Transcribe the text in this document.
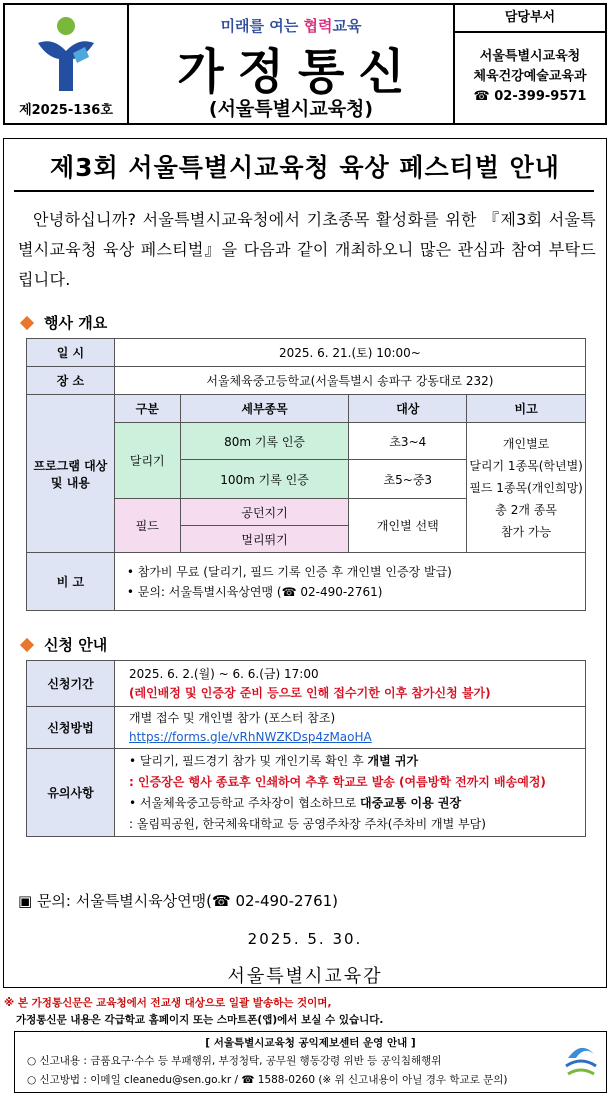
제2025-136호
미래를 여는 협력교육
가정통신
(서울특별시교육청)
담당부서
서울특별시교육청
체육건강예술교육과
☎ 02-399-9571
제3회 서울특별시교육청 육상 페스티벌 안내
안녕하십니까? 서울특별시교육청에서 기초종목 활성화를 위한 『제3회 서울특별시교육청 육상 페스티벌』을 다음과 같이 개최하오니 많은 관심과 참여 부탁드립니다.
행사 개요
일 시	2025. 6. 21.(토) 10:00~			
장 소	서울체육중고등학교(서울특별시 송파구 강동대로 232)			
프로그램 대상 및 내용	구분	세부종목	대상	비고
	달리기	80m 기록 인증	초3~4	개인별로
달리기 1종목(학년별)
필드 1종목(개인희망)
총 2개 종목
참가 가능

		100m 기록 인증	초5~중3	
	필드	공던지기	개인별 선택	
		멀리뛰기		
비 고	• 참가비 무료 (달리기, 필드 기록 인증 후 개인별 인증장 발급)
• 문의: 서울특별시육상연맹 (☎ 02-490-2761)			
신청 안내
신청기간	2025. 6. 2.(월) ~ 6. 6.(금) 17:00
(레인배정 및 인증장 준비 등으로 인해 접수기한 이후 참가신청 불가)

신청방법	개별 접수 및 개인별 참가 (포스터 참조)
https://forms.gle/vRhNWZKDsp4zMaoHA

유의사항	• 달리기, 필드경기 참가 및 개인기록 확인 후 개별 귀가
: 인증장은 행사 종료후 인쇄하여 추후 학교로 발송 (여름방학 전까지 배송예정)
• 서울체육중고등학교 주차장이 협소하므로 대중교통 이용 권장
: 올림픽공원, 한국체육대학교 등 공영주차장 주차(주차비 개별 부담)
▣ 문의: 서울특별시육상연맹(☎ 02-490-2761)
2025. 5. 30.
서울특별시교육감
※ 본 가정통신문은 교육청에서 전교생 대상으로 일괄 발송하는 것이며,
가정통신문 내용은 각급학교 홈페이지 또는 스마트폰(앱)에서 보실 수 있습니다.
[ 서울특별시교육청 공익제보센터 운영 안내 ]
○ 신고내용 : 금품요구·수수 등 부패행위, 부정청탁, 공무원 행동강령 위반 등 공익침해행위
○ 신고방법 : 이메일 cleanedu@sen.go.kr / ☎ 1588-0260 (※ 위 신고내용이 아닐 경우 학교로 문의)
